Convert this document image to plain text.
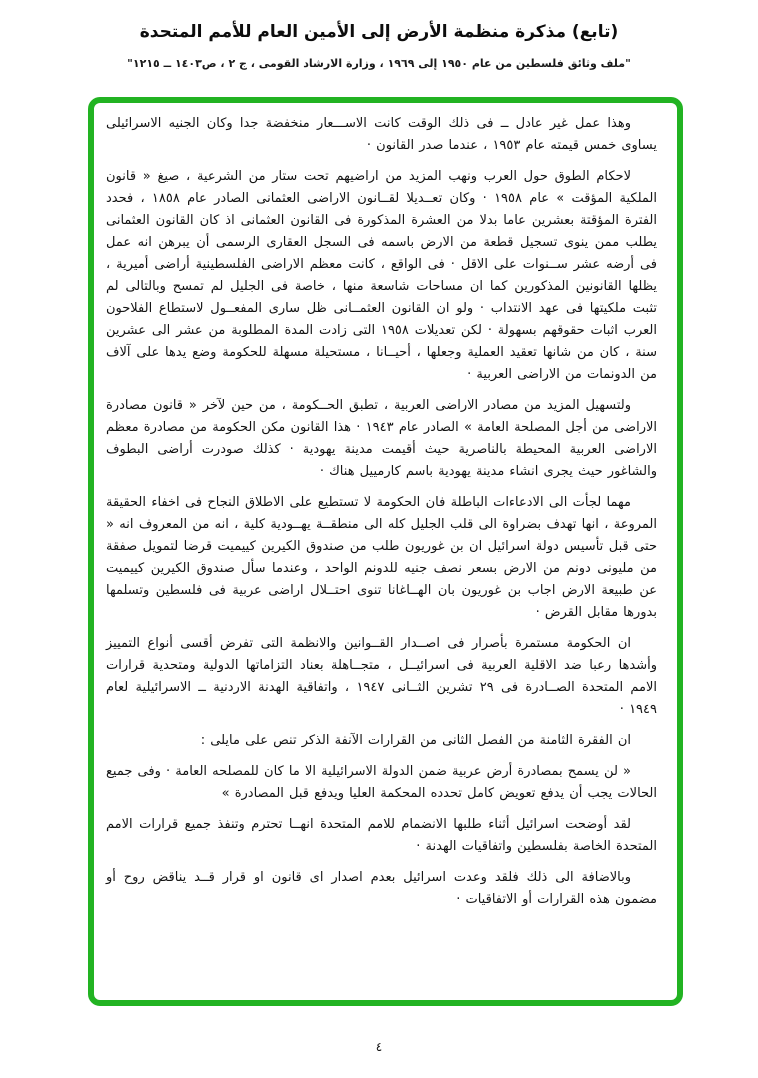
(تابع) مذكرة منظمة الأرض إلى الأمين العام للأمم المتحدة
"ملف وثائق فلسطين من عام ١٩٥٠ إلى ١٩٦٩ ، وزارة الارشاد القومى ، ج ٢ ، ص١٤٠٣ ــ ١٢١٥"

وهذا عمل غير عادل ــ فى ذلك الوقت كانت الاســـعار منخفضة جدا وكان الجنيه الاسرائيلى يساوى خمس قيمته عام ١٩٥٣ ، عندما صدر القانون ·

لاحكام الطوق حول العرب ونهب المزيد من اراضيهم تحت ستار من الشرعية ، صيغ « قانون الملكية المؤقت » عام ١٩٥٨ · وكان تعــديلا لقــانون الاراضى العثمانى الصادر عام ١٨٥٨ ، فحدد الفترة المؤقتة بعشرين عاما بدلا من العشرة المذكورة فى القانون العثمانى اذ كان القانون العثمانى يطلب ممن ينوى تسجيل قطعة من الارض باسمه فى السجل العقارى الرسمى أن يبرهن انه عمل فى أرضه عشر ســنوات على الاقل · فى الواقع ، كانت معظم الاراضى الفلسطينية أراضى أميرية ، يظلها القانونين المذكورين كما ان مساحات شاسعة منها ، خاصة فى الجليل لم تمسح وبالتالى لم تثبت ملكيتها فى عهد الانتداب · ولو ان القانون العثمــانى ظل سارى المفعــول لاستطاع الفلاحون العرب اثبات حقوقهم بسهولة · لكن تعديلات ١٩٥٨ التى زادت المدة المطلوبة من عشر الى عشرين سنة ، كان من شانها تعقيد العملية وجعلها ، أحيــانا ، مستحيلة مسهلة للحكومة وضع يدها على آلاف من الدونمات من الاراضى العربية ·

ولتسهيل المزيد من مصادر الاراضى العربية ، تطبق الحــكومة ، من حين لآخر « قانون مصادرة الاراضى من أجل المصلحة العامة » الصادر عام ١٩٤٣ · هذا القانون مكن الحكومة من مصادرة معظم الاراضى العربية المحيطة بالناصرية حيث أقيمت مدينة يهودية · كذلك صودرت أراضى البطوف والشاغور حيث يجرى انشاء مدينة يهودية باسم كارمييل هناك ·

مهما لجأت الى الادعاءات الباطلة فان الحكومة لا تستطيع على الاطلاق النجاح فى اخفاء الحقيقة المروعة ، انها تهدف بضراوة الى قلب الجليل كله الى منطقــة يهــودية كلية ، انه من المعروف انه « حتى قبل تأسيس دولة اسرائيل ان بن غوريون طلب من صندوق الكيرين كييميت قرضا لتمويل صفقة من مليونى دونم من الارض بسعر نصف جنيه للدونم الواحد ، وعندما سأل صندوق الكيرين كييميت عن طبيعة الارض اجاب بن غوريون بان الهــاغانا تنوى احتــلال اراضى عربية فى فلسطين وتسلمها بدورها مقابل القرض ·

ان الحكومة مستمرة بأصرار فى اصــدار القــوانين والانظمة التى تفرض أقسى أنواع التمييز وأشدها رعبا ضد الاقلية العربية فى اسرائيــل ، متجــاهلة بعناد التزاماتها الدولية ومتحدية قرارات الامم المتحدة الصــادرة فى ٢٩ تشرين الثــانى ١٩٤٧ ، واتفاقية الهدنة الاردنية ــ الاسرائيلية لعام ١٩٤٩ ·

ان الفقرة الثامنة من الفصل الثانى من القرارات الآنفة الذكر تنص على مايلى :

« لن يسمح بمصادرة أرض عربية ضمن الدولة الاسرائيلية الا ما كان للمصلحه العامة · وفى جميع الحالات يجب أن يدفع تعويض كامل تحدده المحكمة العليا ويدفع قبل المصادرة »

لقد أوضحت اسرائيل أثناء طلبها الانضمام للامم المتحدة انهــا تحترم وتنفذ جميع قرارات الامم المتحدة الخاصة بفلسطين واتفاقيات الهدنة ·

وبالاضافة الى ذلك فلقد وعدت اسرائيل بعدم اصدار اى قانون او قرار قــد يناقض روح أو مضمون هذه القرارات أو الاتفاقيات ·

٤
